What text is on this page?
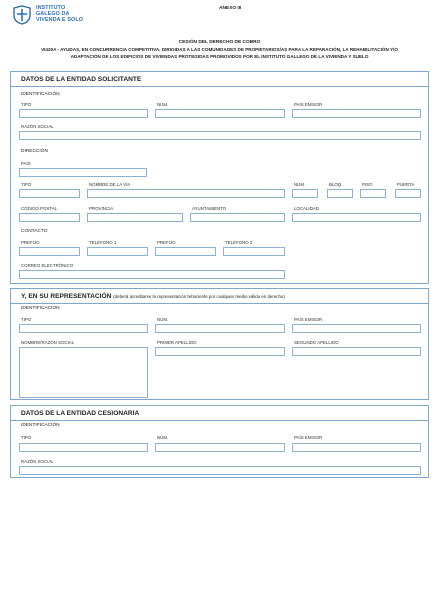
INSTITUTO
GALEGO DA
VIVENDA E SOLO
ANEXO III
CESIÓN DEL DERECHO DE COBRO
VI420A - AYUDAS, EN CONCURRENCIA COMPETITIVA, DIRIGIDAS A LAS COMUNIDADES DE PROPIETARIOS/AS PARA LA REPARACIÓN, LA REHABILITACIÓN Y/O
ADAPTACIÓN DE LOS EDIFICIOS DE VIVIENDAS PROTEGIDAS PROMOVIDOS POR EL INSTITUTO GALLEGO DE LA VIVIENDA Y SUELO
DATOS DE LA ENTIDAD SOLICITANTE
IDENTIFICACIÓN
TIPO	NÚM.	PAÍS EMISOR
RAZÓN SOCIAL
DIRECCIÓN
PAÍS
TIPO	NOMBRE DE LA VÍA	NÚM.	BLOQ.	PISO	PUERTA
CÓDIGO POSTAL	PROVINCIA	AYUNTAMIENTO	LOCALIDAD
CONTACTO
PREFIJO	TELÉFONO 1	PREFIJO	TELÉFONO 2
CORREO ELECTRÓNICO
Y, EN SU REPRESENTACIÓN (deberá acreditarse la representación fehaciente por cualquier medio válido en derecho)
IDENTIFICACIÓN
TIPO	NÚM.	PAÍS EMISOR
NOMBRE/RAZÓN SOCIAL	PRIMER APELLIDO	SEGUNDO APELLIDO
DATOS DE LA ENTIDAD CESIONARIA
IDENTIFICACIÓN
TIPO	NÚM.	PAÍS EMISOR
RAZÓN SOCIAL
